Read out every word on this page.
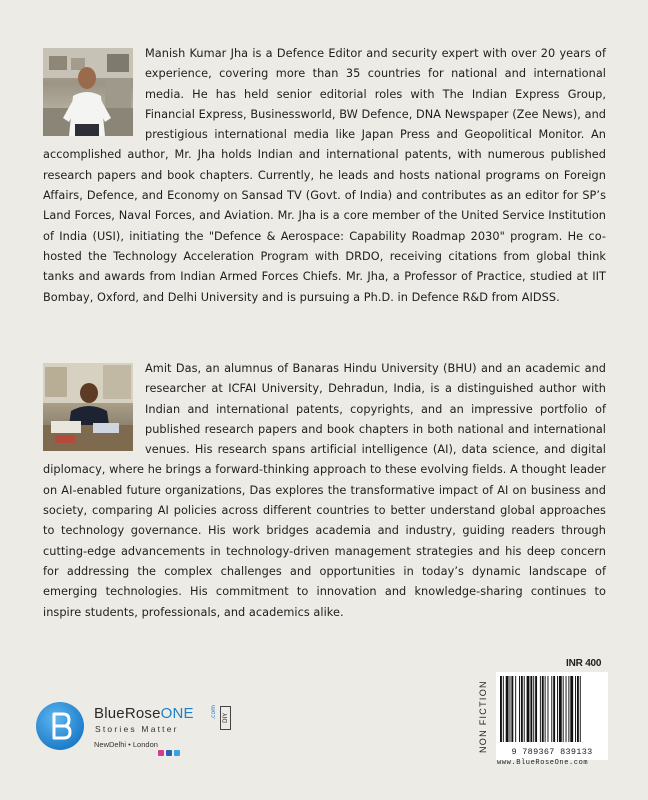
Manish Kumar Jha is a Defence Editor and security expert with over 20 years of experience, covering more than 35 countries for national and international media. He has held senior editorial roles with The Indian Express Group, Financial Express, Businessworld, BW Defence, DNA Newspaper (Zee News), and prestigious international media like Japan Press and Geopolitical Monitor. An accomplished author, Mr. Jha holds Indian and international patents, with numerous published research papers and book chapters. Currently, he leads and hosts national programs on Foreign Affairs, Defence, and Economy on Sansad TV (Govt. of India) and contributes as an editor for SP’s Land Forces, Naval Forces, and Aviation. Mr. Jha is a core member of the United Service Institution of India (USI), initiating the "Defence & Aerospace: Capability Roadmap 2030" program. He co-hosted the Technology Acceleration Program with DRDO, receiving citations from global think tanks and awards from Indian Armed Forces Chiefs. Mr. Jha, a Professor of Practice, studied at IIT Bombay, Oxford, and Delhi University and is pursuing a Ph.D. in Defence R&D from AIDSS.

Amit Das, an alumnus of Banaras Hindu University (BHU) and an academic and researcher at ICFAI University, Dehradun, India, is a distinguished author with Indian and international patents, copyrights, and an impressive portfolio of published research papers and book chapters in both national and international venues. His research spans artificial intelligence (AI), data science, and digital diplomacy, where he brings a forward-thinking approach to these evolving fields. A thought leader on AI-enabled future organizations, Das explores the transformative impact of AI on business and society, comparing AI policies across different countries to better understand global approaches to technology governance. His work bridges academia and industry, guiding readers through cutting-edge advancements in technology-driven management strategies and his deep concern for addressing the complex challenges and opportunities in today’s dynamic landscape of emerging technologies. His commitment to innovation and knowledge-sharing continues to inspire students, professionals, and academics alike.

BlueRoseONE	.com DIY
Stories Matter
NewDelhi • London
INR 400
NON FICTION	9 789367 839133
www.BlueRoseOne.com
